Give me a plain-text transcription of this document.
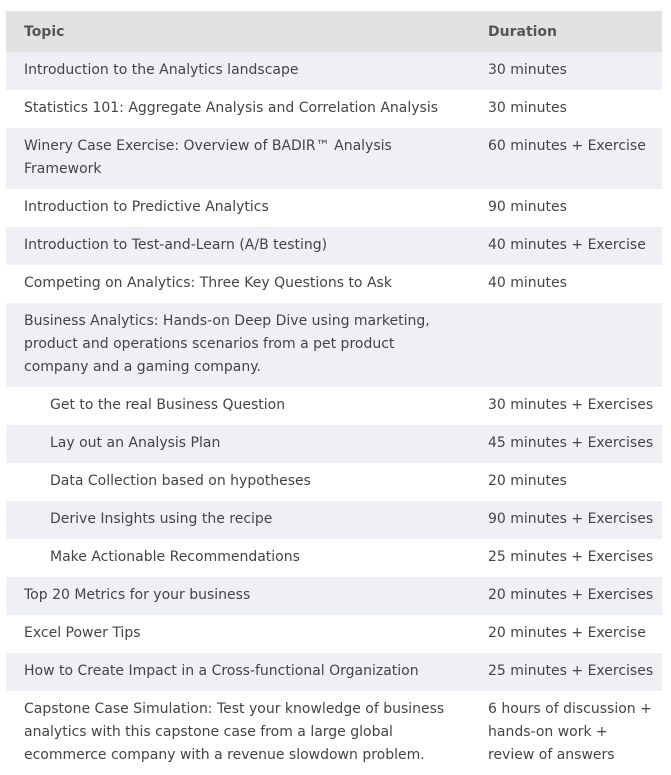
Topic	Duration
Introduction to the Analytics landscape	30 minutes
Statistics 101: Aggregate Analysis and Correlation Analysis	30 minutes
Winery Case Exercise: Overview of BADIR™ Analysis Framework	60 minutes + Exercise
Introduction to Predictive Analytics	90 minutes
Introduction to Test-and-Learn (A/B testing)	40 minutes + Exercise
Competing on Analytics: Three Key Questions to Ask	40 minutes
Business Analytics: Hands-on Deep Dive using marketing, product and operations scenarios from a pet product company and a gaming company.	
Get to the real Business Question	30 minutes + Exercises
Lay out an Analysis Plan	45 minutes + Exercises
Data Collection based on hypotheses	20 minutes
Derive Insights using the recipe	90 minutes + Exercises
Make Actionable Recommendations	25 minutes + Exercises
Top 20 Metrics for your business	20 minutes + Exercises
Excel Power Tips	20 minutes + Exercise
How to Create Impact in a Cross-functional Organization	25 minutes + Exercises
Capstone Case Simulation: Test your knowledge of business analytics with this capstone case from a large global ecommerce company with a revenue slowdown problem.	6 hours of discussion + hands-on work + review of answers
